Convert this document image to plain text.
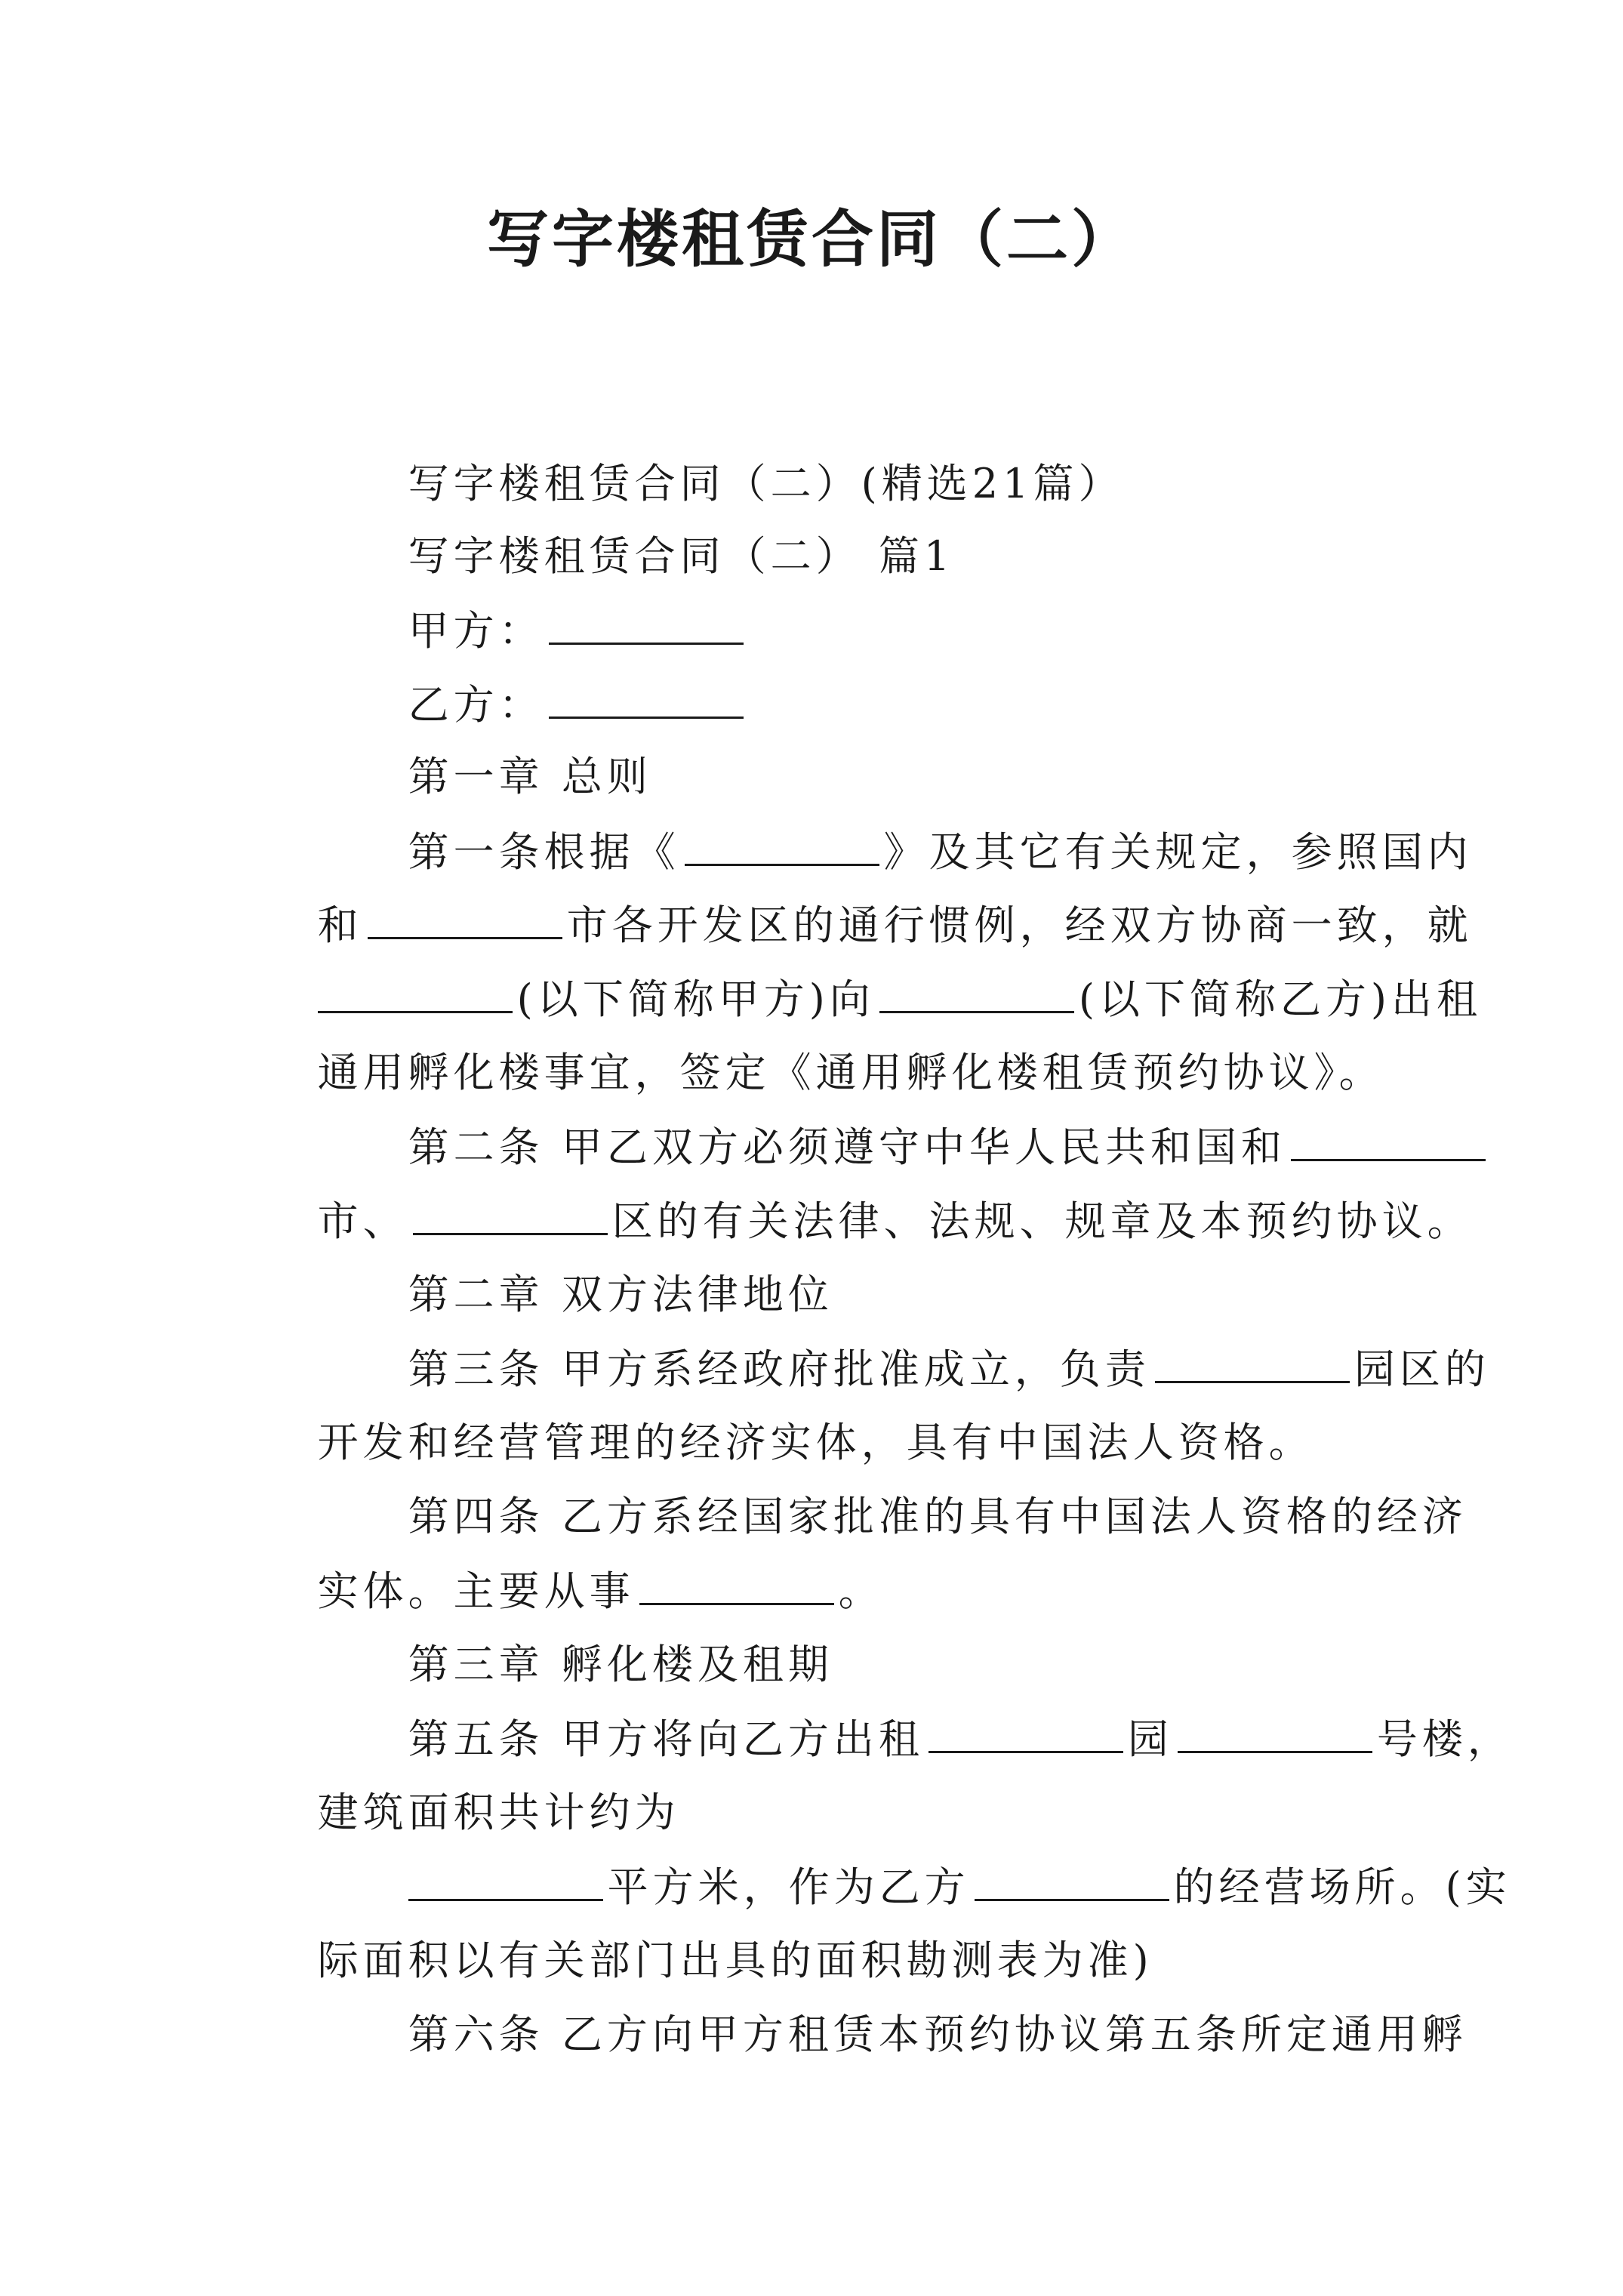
写字楼租赁合同（二）

写字楼租赁合同（二）(精选21篇）

写字楼租赁合同（二） 篇1

甲方：

乙方：

第一章 总则

第一条根据《	》及其它有关规定，参照国内

和	市各开发区的通行惯例，经双方协商一致，就

(以下简称甲方)向	(以下简称乙方)出租

通用孵化楼事宜，签定《通用孵化楼租赁预约协议》。

第二条 甲乙双方必须遵守中华人民共和国和

市、	区的有关法律、法规、规章及本预约协议。

第二章 双方法律地位

第三条 甲方系经政府批准成立，负责	园区的

开发和经营管理的经济实体，具有中国法人资格。

第四条 乙方系经国家批准的具有中国法人资格的经济

实体。主要从事	。

第三章 孵化楼及租期

第五条 甲方将向乙方出租	园	号楼，

建筑面积共计约为

平方米，作为乙方	的经营场所。(实

际面积以有关部门出具的面积勘测表为准)

第六条 乙方向甲方租赁本预约协议第五条所定通用孵
